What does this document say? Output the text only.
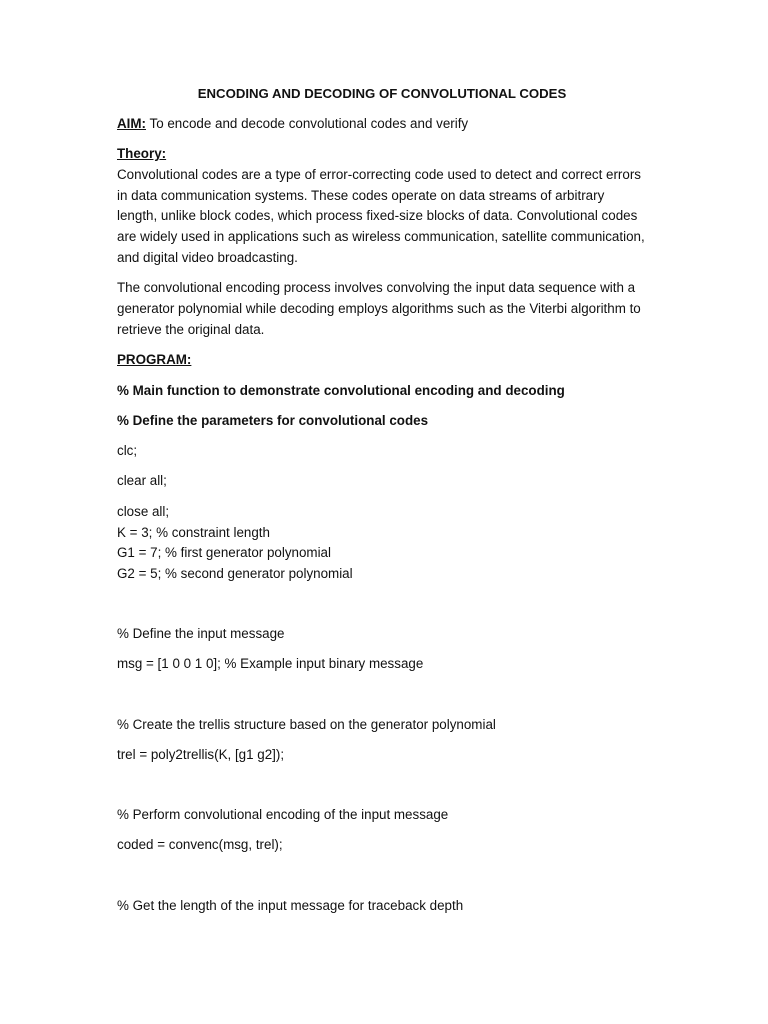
ENCODING AND DECODING OF CONVOLUTIONAL CODES
AIM: To encode and decode convolutional codes and verify
Theory:
Convolutional codes are a type of error-correcting code used to detect and correct errors in data communication systems. These codes operate on data streams of arbitrary length, unlike block codes, which process fixed-size blocks of data. Convolutional codes are widely used in applications such as wireless communication, satellite communication, and digital video broadcasting.
The convolutional encoding process involves convolving the input data sequence with a generator polynomial while decoding employs algorithms such as the Viterbi algorithm to retrieve the original data.
PROGRAM:
% Main function to demonstrate convolutional encoding and decoding
% Define the parameters for convolutional codes
clc;
clear all;
close all;
K = 3; % constraint length
G1 = 7; % first generator polynomial
G2 = 5; % second generator polynomial
% Define the input message
msg = [1 0 0 1 0]; % Example input binary message
% Create the trellis structure based on the generator polynomial
trel = poly2trellis(K, [g1 g2]);
% Perform convolutional encoding of the input message
coded = convenc(msg, trel);
% Get the length of the input message for traceback depth
